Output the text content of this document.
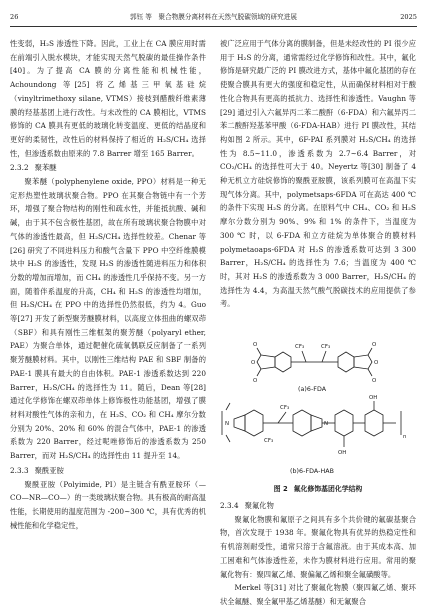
26	郭钰 等　聚合物膜分离材料在天然气脱碳领域的研究进展	2025

性变弱，H₂S 渗透性下降。因此，工业上在 CA 膜应用时需在前端引入脱水模块，才能实现天然气脱碳的最佳操作条件[40]。为了提高 CA 膜的分离性能和机械性能，Achoundong 等[25] 将乙烯基三甲氧基硅烷（vinyltrimethoxy silane, VTMS）接枝到醋酸纤维素薄膜的羟基基团上进行改性。与未改性的 CA 膜相比，VTMS 修饰的 CA 膜具有更低的玻璃化转变温度、更低的结晶度和更好的柔韧性，改性后的材料保持了相近的 H₂S/CH₄ 选择性，但渗透系数由原来的 7.8 Barrer 增至 165 Barrer。

2.3.2 聚苯醚

聚苯醚（polyphenylene oxide, PPO）材料是一种无定形热塑性玻璃状聚合物。PPO 在其聚合物链中有一个芳环，增强了聚合物结构的刚性和疏水性，并能抵抗酸、碱和碱，由于其不包含极性基团，故在所有玻璃状聚合物膜中对气体的渗透性最高，但 H₂S/CH₄ 选择性较差。Chenar 等[26] 研究了不同进料压力和酸气含量下 PPO 中空纤维膜模块中 H₂S 的渗透性，发现 H₂S 的渗透性随进料压力和体积分数的增加而增加，而 CH₄ 的渗透性几乎保持不变。另一方面，随着伴系温度的升高，CH₄ 和 H₂S 的渗透性均增加，但 H₂S/CH₄ 在 PPO 中的选择性仍然很低，约为 4。Guo 等[27] 开发了新型聚芳醚膜材料，以高度立体扭曲的螺双茚（SBF）和具有刚性三维框架的聚芳醚（polyaryl ether, PAE）为聚合单体，通过靶催化硫氧偶联反应制备了一系列聚芳醚膜材料。其中，以刚性三维结构 PAE 和 SBF 制备的 PAE-1 膜具有最大的自由体积。PAE-1 渗透系数达到 220 Barrer，H₂S/CH₄ 的选择性为 11。随后，Dean 等[28] 通过化学修饰在螺双茚单体上修饰极性功能基团，增强了膜材料对酸性气体的亲和力，在 H₂S、CO₂ 和 CH₄ 摩尔分数分别为 20%、20% 和 60% 的混合气体中，PAE-1 的渗透系数为 220 Barrer，经过呢唑修饰后的渗透系数为 250 Barrer，而对 H₂S/CH₄ 的选择性由 11 提升至 14。

2.3.3 聚酰亚胺

聚酰亚胺（Polyimide, PI）是主链含有酰亚胺环（—CO—NR—CO—）的一类玻璃状聚合物。具有极高的耐高温性能，长期使用的温度范围为 -200~300 ℃，具有优秀的机械性能和化学稳定性，

被广泛应用于气体分离的膜制备，但是未经改性的 PI 很少应用于 H₂S 的分离，通常需经过化学修饰和改性。其中，氟化修饰是研究最广泛的 PI 膜改进方式，基体中氟化基团的存在使聚合膜具有更大的强度和稳定性，从而确保材料相对于酸性化合物具有更高的抵抗力、选择性和渗透性。Vaughn 等[29] 通过引入六氟异丙二苯二酸酐（6-FDA）和六氟异丙二苯二酸酐羟基苯甲酸（6-FDA-HAB）进行 PI 膜改性，其结构如图 2 所示。其中，6F-PAI 系列膜对 H₂S/CH₄ 的选择性为 8.5~11.0，渗透系数为 2.7~6.4 Barrer，对 CO₂/CH₄ 的选择性可大于 40。Neyertz 等[30] 制备了 4 种无机立方硅烷修饰的聚酰亚胺膜，该系列膜可在高温下实现气体分离。其中，polymetsaps-6FDA 可在高达 400 ℃ 的条件下实现 H₂S 的分离。在原料气中 CH₄、CO₂ 和 H₂S 摩尔分数分别为 90%、9% 和 1% 的条件下，当温度为 300 ℃ 时，以 6-FDA 和立方硅烷为单体聚合的膜材料 polymetaoaps-6FDA 对 H₂S 的渗透系数可达到 3 300 Barrer，H₂S/CH₄ 的选择性为 7.6；当温度为 400 ℃ 时，其对 H₂S 的渗透系数为 3 000 Barrer，H₂S/CH₄ 的选择性为 4.4，为高温天然气酸气脱碳技术的应用提供了参考。

CF₃	CF₃
O
O
O
O
O
O
CF₃
CF₃
N	N
OH
OH
n
(a)6-FDA
(b)6-FDA-HAB
图 2 氟化修饰基团化学结构
2.3.4 聚氟化物

聚氟化物膜和氟原子之间具有多个共价键的氟碳基聚合物，首次发现于 1938 年。聚氟化物具有优异的热稳定性和有机溶剂耐受性，通常只溶于含氟溶液。由于其成本高、加工困难和气体渗透性差，未作为膜材料进行应用。常用的聚氟化物有：聚四氟乙烯、聚偏氟乙烯和聚全氟磺酸等。

Merkel 等[31] 对比了聚氟化物膜（聚四氟乙烯、聚环状全氟醚、聚全氟甲基乙烯基醚）和无氟聚合
